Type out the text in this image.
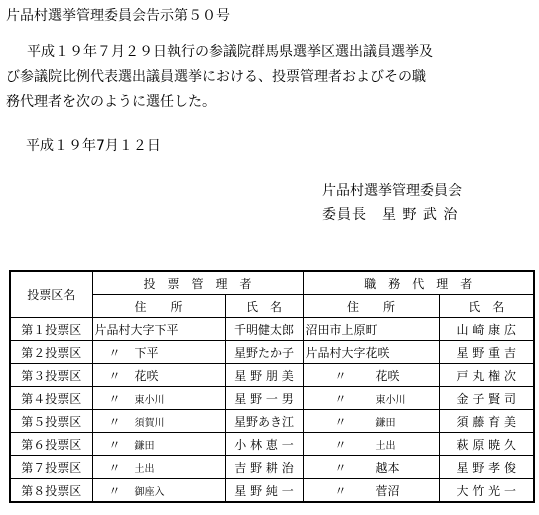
片品村選挙管理委員会告示第５０号
平成１９年７月２９日執行の参議院群馬県選挙区選出議員選挙及
び参議院比例代表選出議員選挙における、投票管理者およびその職
務代理者を次のように選任した。
平成１９年7月１２日
片品村選挙管理委員会
委員長　星 野 武 治
投票区名	投　票　管　理　者		職　務　代　理　者	
	住　　所	氏　名	住　　所	氏　名
第１投票区	片品村大字下平	千明健太郎	沼田市上原町	山 崎 康 広
第２投票区	〃 下平	星野たか子	片品村大字花咲	星 野 重 吉
第３投票区	〃 花咲	星 野 朋 美	〃 花咲	戸 丸 権 次
第４投票区	〃 東小川	星 野 一 男	〃 東小川	金 子 賢 司
第５投票区	〃 須賀川	星野あき江	〃 鎌田	須 藤 育 美
第６投票区	〃 鎌田	小 林 恵 一	〃 土出	萩 原 暁 久
第７投票区	〃 土出	吉 野 耕 治	〃 越本	星 野 孝 俊
第８投票区	〃 御座入	星 野 純 一	〃 菅沼	大 竹 光 一
